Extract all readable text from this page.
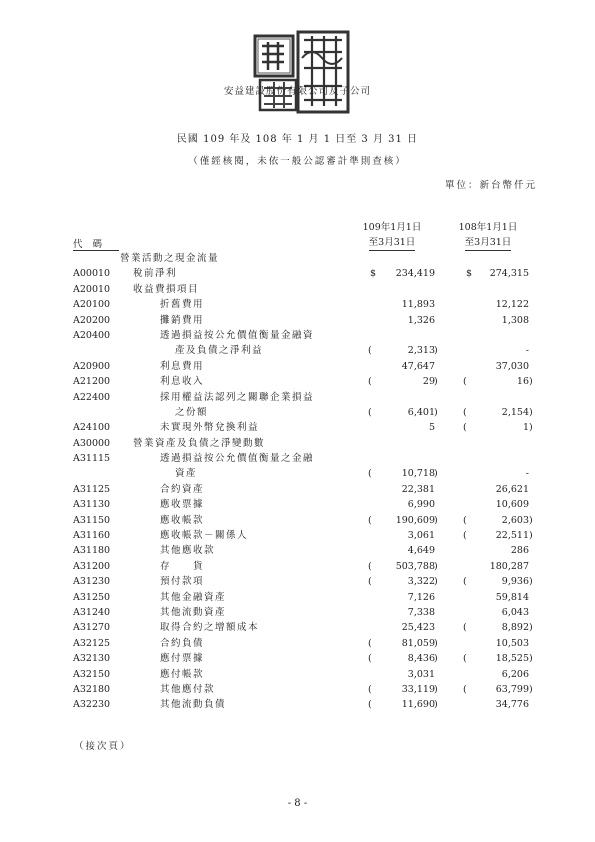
安益建設股份有限公司及子公司
民國 109 年及 108 年 1 月 1 日至 3 月 31 日
（僅經核閱，未依一般公認審計準則查核）
單位：新台幣仟元
109年1月1日
至3月31日
108年1月1日
至3月31日
代碼
營業活動之現金流量
A00010 稅前淨利	$ 234,419	$ 274,315
A20010 收益費損項目
A20100	折舊費用	11,893	12,122
A20200	攤銷費用	1,326	1,308
A20400	透過損益按公允價值衡量金融資
產及負債之淨利益	(	2,313 )	-
A20900	利息費用	47,647	37,030
A21200	利息收入	(	29 )	(	16 )
A22400	採用權益法認列之關聯企業損益
之份額	(	6,401 )	(	2,154 )
A24100	未實現外幣兌換利益	5	(	1 )
A30000 營業資產及負債之淨變動數
A31115	透過損益按公允價值衡量之金融
資產	(	10,718 )	-
A31125	合約資產	22,381	26,621
A31130	應收票據	6,990	10,609
A31150	應收帳款	(	190,609 )	(	2,603 )
A31160	應收帳款－關係人	3,061	(	22,511 )
A31180	其他應收款	4,649	286
A31200	存　　貨	(	503,788 )	180,287
A31230	預付款項	(	3,322 )	(	9,936 )
A31250	其他金融資產	7,126	59,814
A31240	其他流動資產	7,338	6,043
A31270	取得合約之增額成本	25,423	(	8,892 )
A32125	合約負債	(	81,059 )	10,503
A32130	應付票據	(	8,436 )	(	18,525 )
A32150	應付帳款	3,031	6,206
A32180	其他應付款	(	33,119 )	(	63,799 )
A32230	其他流動負債	(	11,690 )	34,776
（接次頁）
- 8 -
